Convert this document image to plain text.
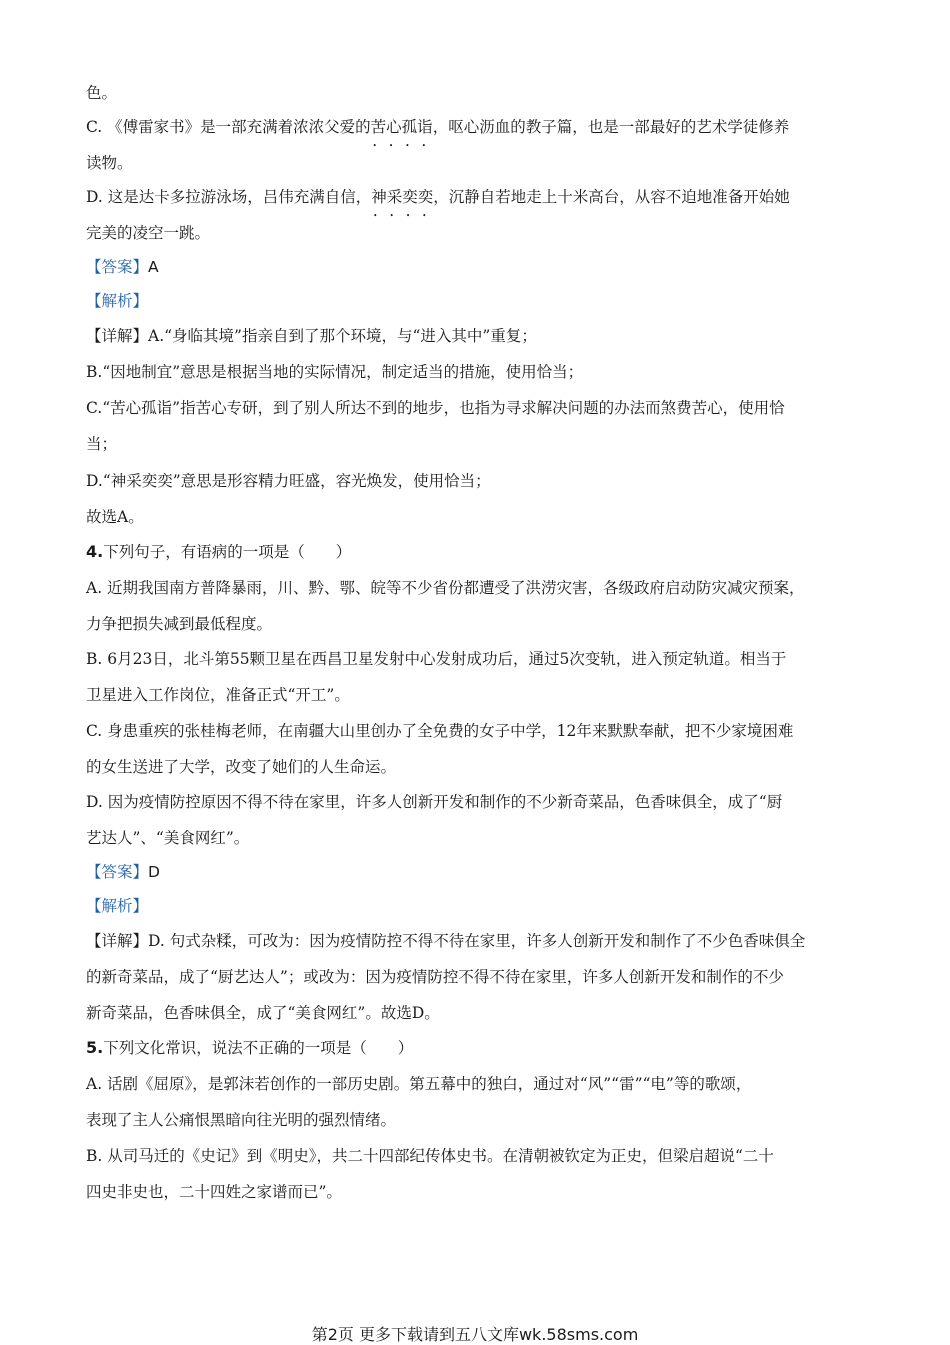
色。
C. 《傅雷家书》是一部充满着浓浓父爱的苦心孤诣 • • • •，呕心沥血的教子篇，也是一部最好的艺术学徒修养
读物。
D. 这是达卡多拉游泳场，吕伟充满自信，神采奕奕 • • • •，沉静自若地走上十米高台，从容不迫地准备开始她
完美的凌空一跳。
【答案】A
【解析】
【详解】A.“身临其境”指亲自到了那个环境，与“进入其中”重复；
B.“因地制宜”意思是根据当地的实际情况，制定适当的措施，使用恰当；
C.“苦心孤诣”指苦心专研，到了别人所达不到的地步，也指为寻求解决问题的办法而煞费苦心，使用恰
当；
D.“神采奕奕”意思是形容精力旺盛，容光焕发，使用恰当；
故选A。
4.下列句子，有语病的一项是（　　）
A. 近期我国南方普降暴雨，川、黔、鄂、皖等不少省份都遭受了洪涝灾害，各级政府启动防灾减灾预案，
力争把损失减到最低程度。
B. 6月23日，北斗第55颗卫星在西昌卫星发射中心发射成功后，通过5次变轨，进入预定轨道。相当于
卫星进入工作岗位，准备正式“开工”。
C. 身患重疾的张桂梅老师，在南疆大山里创办了全免费的女子中学，12年来默默奉献，把不少家境困难
的女生送进了大学，改变了她们的人生命运。
D. 因为疫情防控原因不得不待在家里，许多人创新开发和制作的不少新奇菜品，色香味俱全，成了“厨
艺达人”、“美食网红”。
【答案】D
【解析】
【详解】D. 句式杂糅，可改为：因为疫情防控不得不待在家里，许多人创新开发和制作了不少色香味俱全
的新奇菜品，成了“厨艺达人”；或改为：因为疫情防控不得不待在家里，许多人创新开发和制作的不少
新奇菜品，色香味俱全，成了“美食网红”。故选D。
5.下列文化常识，说法不正确的一项是（　　）
A. 话剧《屈原》，是郭沫若创作的一部历史剧。第五幕中的独白，通过对“风”“雷”“电”等的歌颂，
表现了主人公痛恨黑暗向往光明的强烈情绪。
B. 从司马迁的《史记》到《明史》，共二十四部纪传体史书。在清朝被钦定为正史，但梁启超说“二十
四史非史也，二十四姓之家谱而已”。
第2页 更多下载请到五八文库wk.58sms.com
